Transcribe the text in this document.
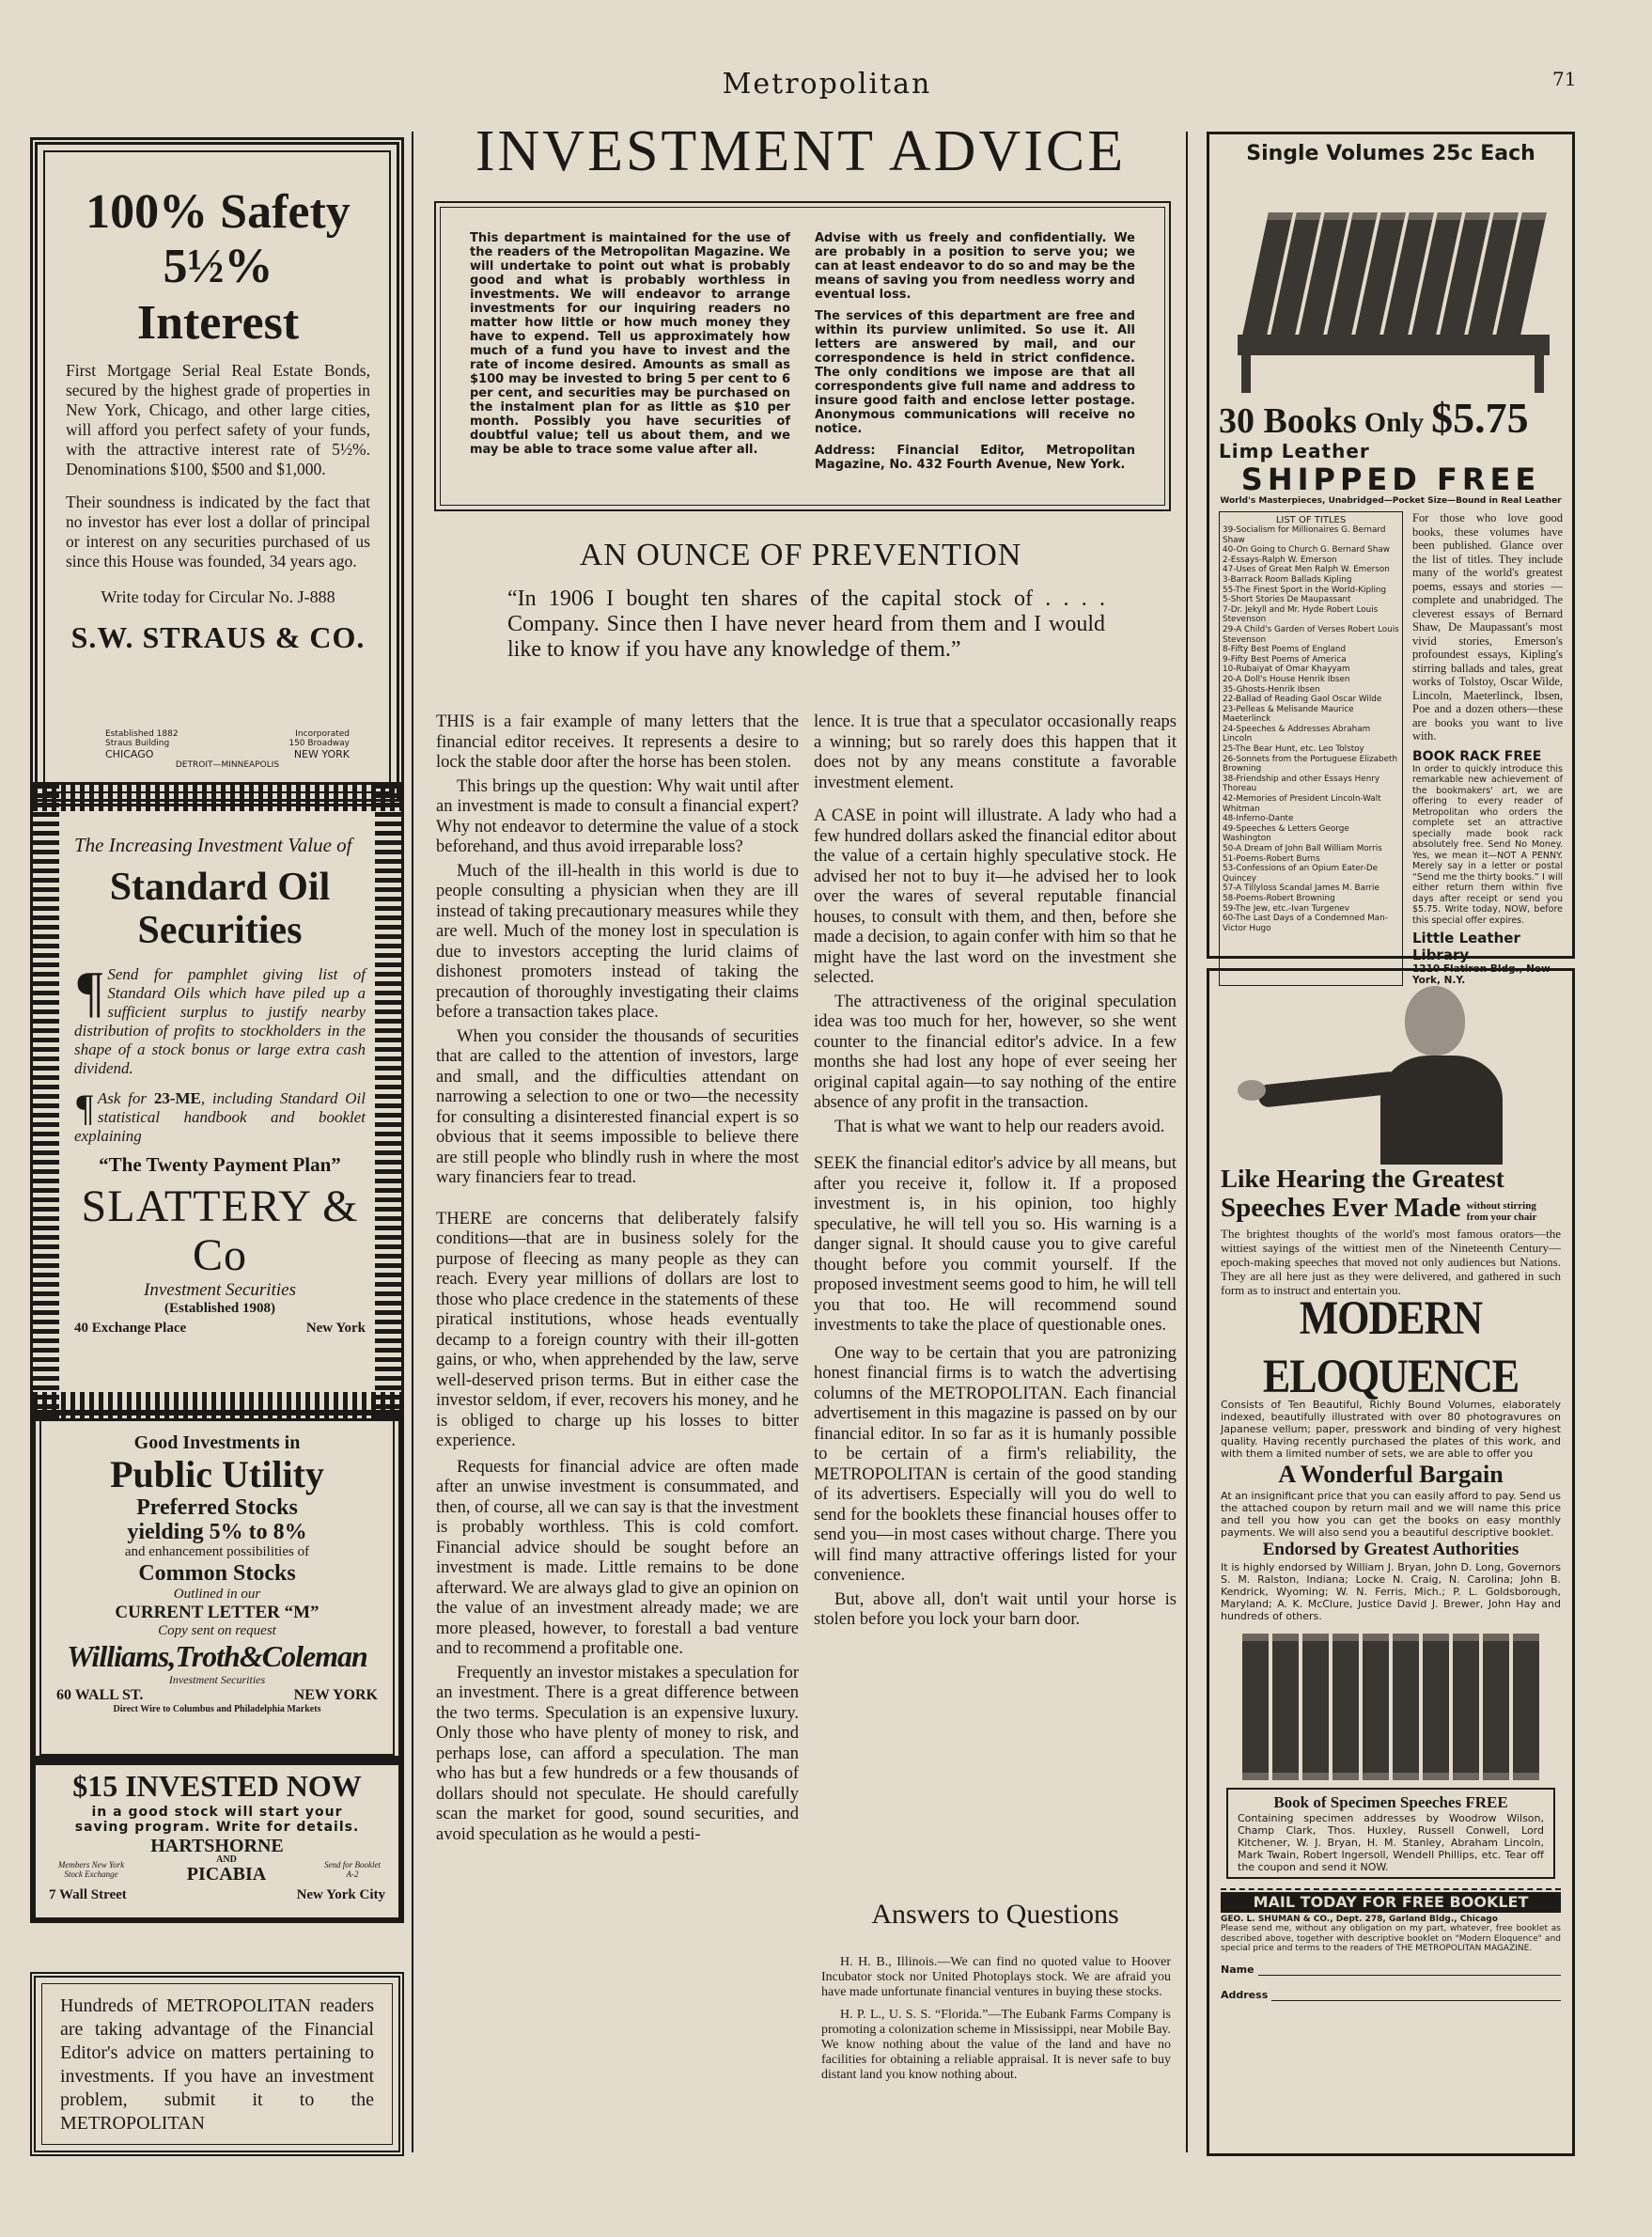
Metropolitan	71
100% Safety
5½%
Interest

First Mortgage Serial Real Estate Bonds, secured by the highest grade of properties in New York, Chicago, and other large cities, will afford you perfect safety of your funds, with the attractive interest rate of 5½%. Denominations $100, $500 and $1,000.

Their soundness is indicated by the fact that no investor has ever lost a dollar of principal or interest on any securities purchased of us since this House was founded, 34 years ago.

Write today for Circular No. J-888

S.W. STRAUS & CO.
Established 1882	Incorporated
Straus Building	150 Broadway
CHICAGO	NEW YORK
DETROIT—MINNEAPOLIS
The Increasing Investment Value of
Standard Oil
Securities

¶ Send for pamphlet giving list of Standard Oils which have piled up a sufficient surplus to justify nearby distribution of profits to stockholders in the shape of a stock bonus or large extra cash dividend.

¶ Ask for 23-ME, including Standard Oil statistical handbook and booklet explaining

“The Twenty Payment Plan”
SLATTERY & Co
Investment Securities
(Established 1908)
40 Exchange Place	New York
Good Investments in
Public Utility
Preferred Stocks
yielding 5% to 8%
and enhancement possibilities of
Common Stocks
Outlined in our
CURRENT LETTER “M”
Copy sent on request
Williams,Troth&Coleman
Investment Securities
60 WALL ST.	NEW YORK
Direct Wire to Columbus and Philadelphia Markets
$15 INVESTED NOW
in a good stock will start your saving program. Write for details.
HARTSHORNE
Members New York Stock Exchange
AND
PICABIA	Send for Booklet A-2
7 Wall Street	New York City

Hundreds of METROPOLITAN readers are taking advantage of the Financial Editor's advice on matters pertaining to investments. If you have an investment problem, submit it to the METROPOLITAN

INVESTMENT ADVICE
This department is maintained for the use of the readers of the Metropolitan Magazine. We will undertake to point out what is probably good and what is probably worthless in investments. We will endeavor to arrange investments for our inquiring readers no matter how little or how much money they have to expend. Tell us approximately how much of a fund you have to invest and the rate of income desired. Amounts as small as $100 may be invested to bring 5 per cent to 6 per cent, and securities may be purchased on the instalment plan for as little as $10 per month. Possibly you have securities of doubtful value; tell us about them, and we may be able to trace some value after all.

Advise with us freely and confidentially. We are probably in a position to serve you; we can at least endeavor to do so and may be the means of saving you from needless worry and eventual loss.

The services of this department are free and within its purview unlimited. So use it. All letters are answered by mail, and our correspondence is held in strict confidence. The only conditions we impose are that all correspondents give full name and address to insure good faith and enclose letter postage. Anonymous communications will receive no notice.

Address: Financial Editor, Metropolitan Magazine, No. 432 Fourth Avenue, New York.

AN OUNCE OF PREVENTION
“In 1906 I bought ten shares of the capital stock of . . . . Company. Since then I have never heard from them and I would like to know if you have any knowledge of them.”

THIS is a fair example of many letters that the financial editor receives. It represents a desire to lock the stable door after the horse has been stolen.

This brings up the question: Why wait until after an investment is made to consult a financial expert? Why not endeavor to determine the value of a stock beforehand, and thus avoid irreparable loss?

Much of the ill-health in this world is due to people consulting a physician when they are ill instead of taking precautionary measures while they are well. Much of the money lost in speculation is due to investors accepting the lurid claims of dishonest promoters instead of taking the precaution of thoroughly investigating their claims before a transaction takes place.

When you consider the thousands of securities that are called to the attention of investors, large and small, and the difficulties attendant on narrowing a selection to one or two—the necessity for consulting a disinterested financial expert is so obvious that it seems impossible to believe there are still people who blindly rush in where the most wary financiers fear to tread.

THERE are concerns that deliberately falsify conditions—that are in business solely for the purpose of fleecing as many people as they can reach. Every year millions of dollars are lost to those who place credence in the statements of these piratical institutions, whose heads eventually decamp to a foreign country with their ill-gotten gains, or who, when apprehended by the law, serve well-deserved prison terms. But in either case the investor seldom, if ever, recovers his money, and he is obliged to charge up his losses to bitter experience.

Requests for financial advice are often made after an unwise investment is consummated, and then, of course, all we can say is that the investment is probably worthless. This is cold comfort. Financial advice should be sought before an investment is made. Little remains to be done afterward. We are always glad to give an opinion on the value of an investment already made; we are more pleased, however, to forestall a bad venture and to recommend a profitable one.

Frequently an investor mistakes a speculation for an investment. There is a great difference between the two terms. Speculation is an expensive luxury. Only those who have plenty of money to risk, and perhaps lose, can afford a speculation. The man who has but a few hundreds or a few thousands of dollars should not speculate. He should carefully scan the market for good, sound securities, and avoid speculation as he would a pesti-

lence. It is true that a speculator occasionally reaps a winning; but so rarely does this happen that it does not by any means constitute a favorable investment element.

A CASE in point will illustrate. A lady who had a few hundred dollars asked the financial editor about the value of a certain highly speculative stock. He advised her not to buy it—he advised her to look over the wares of several reputable financial houses, to consult with them, and then, before she made a decision, to again confer with him so that he might have the last word on the investment she selected.

The attractiveness of the original speculation idea was too much for her, however, so she went counter to the financial editor's advice. In a few months she had lost any hope of ever seeing her original capital again—to say nothing of the entire absence of any profit in the transaction.

That is what we want to help our readers avoid.

SEEK the financial editor's advice by all means, but after you receive it, follow it. If a proposed investment is, in his opinion, too highly speculative, he will tell you so. His warning is a danger signal. It should cause you to give careful thought before you commit yourself. If the proposed investment seems good to him, he will tell you that too. He will recommend sound investments to take the place of questionable ones.

One way to be certain that you are patronizing honest financial firms is to watch the advertising columns of the METROPOLITAN. Each financial advertisement in this magazine is passed on by our financial editor. In so far as it is humanly possible to be certain of a firm's reliability, the METROPOLITAN is certain of the good standing of its advertisers. Especially will you do well to send for the booklets these financial houses offer to send you—in most cases without charge. There you will find many attractive offerings listed for your convenience.

But, above all, don't wait until your horse is stolen before you lock your barn door.

Answers to Questions

H. H. B., Illinois.—We can find no quoted value to Hoover Incubator stock nor United Photoplays stock. We are afraid you have made unfortunate financial ventures in buying these stocks.

H. P. L., U. S. S. “Florida.”—The Eubank Farms Company is promoting a colonization scheme in Mississippi, near Mobile Bay. We know nothing about the value of the land and have no facilities for obtaining a reliable appraisal. It is never safe to buy distant land you know nothing about.

Single Volumes 25c Each
30 Books Only $5.75
Limp Leather
SHIPPED FREE
World's Masterpieces, Unabridged—Pocket Size—Bound in Real Leather
LIST OF TITLES
39-Socialism for Millionaires G. Bernard Shaw
40-On Going to Church G. Bernard Shaw
2-Essays-Ralph W. Emerson
47-Uses of Great Men Ralph W. Emerson
3-Barrack Room Ballads Kipling
55-The Finest Sport in the World-Kipling
5-Short Stories De Maupassant
7-Dr. Jekyll and Mr. Hyde Robert Louis Stevenson
29-A Child's Garden of Verses Robert Louis Stevenson
8-Fifty Best Poems of England
9-Fifty Best Poems of America
10-Rubaiyat of Omar Khayyam
20-A Doll's House Henrik Ibsen
35-Ghosts-Henrik Ibsen
22-Ballad of Reading Gaol Oscar Wilde
23-Pelleas & Melisande Maurice Maeterlinck
24-Speeches & Addresses Abraham Lincoln
25-The Bear Hunt, etc. Leo Tolstoy
26-Sonnets from the Portuguese Elizabeth Browning
38-Friendship and other Essays Henry Thoreau
42-Memories of President Lincoln-Walt Whitman
48-Inferno-Dante
49-Speeches & Letters George Washington
50-A Dream of John Ball William Morris
51-Poems-Robert Burns
53-Confessions of an Opium Eater-De Quincey
57-A Tillyloss Scandal James M. Barrie
58-Poems-Robert Browning
59-The Jew, etc.-Ivan Turgenev
60-The Last Days of a Condemned Man-Victor Hugo

For those who love good books, these volumes have been published. Glance over the list of titles. They include many of the world's greatest poems, essays and stories — complete and unabridged. The cleverest essays of Bernard Shaw, De Maupassant's most vivid stories, Emerson's profoundest essays, Kipling's stirring ballads and tales, great works of Tolstoy, Oscar Wilde, Lincoln, Maeterlinck, Ibsen, Poe and a dozen others—these are books you want to live with.

BOOK RACK FREE

In order to quickly introduce this remarkable new achievement of the bookmakers' art, we are offering to every reader of Metropolitan who orders the complete set an attractive specially made book rack absolutely free. Send No Money. Yes, we mean it—NOT A PENNY. Merely say in a letter or postal “Send me the thirty books.” I will either return them within five days after receipt or send you $5.75. Write today, NOW, before this special offer expires.

Little Leather Library
1210 Flatiron Bldg., New York, N.Y.
Like Hearing the Greatest
Speeches Ever Made without stirring from your chair

The brightest thoughts of the world's most famous orators—the wittiest sayings of the wittiest men of the Nineteenth Century—epoch-making speeches that moved not only audiences but Nations. They are all here just as they were delivered, and gathered in such form as to instruct and entertain you.

MODERN ELOQUENCE

Consists of Ten Beautiful, Richly Bound Volumes, elaborately indexed, beautifully illustrated with over 80 photogravures on Japanese vellum; paper, presswork and binding of very highest quality. Having recently purchased the plates of this work, and with them a limited number of sets, we are able to offer you

A Wonderful Bargain

At an insignificant price that you can easily afford to pay. Send us the attached coupon by return mail and we will name this price and tell you how you can get the books on easy monthly payments. We will also send you a beautiful descriptive booklet.

Endorsed by Greatest Authorities

It is highly endorsed by William J. Bryan, John D. Long, Governors S. M. Ralston, Indiana; Locke N. Craig, N. Carolina; John B. Kendrick, Wyoming; W. N. Ferris, Mich.; P. L. Goldsborough, Maryland; A. K. McClure, Justice David J. Brewer, John Hay and hundreds of others.

Book of Specimen Speeches FREE

Containing specimen addresses by Woodrow Wilson, Champ Clark, Thos. Huxley, Russell Conwell, Lord Kitchener, W. J. Bryan, H. M. Stanley, Abraham Lincoln, Mark Twain, Robert Ingersoll, Wendell Phillips, etc. Tear off the coupon and send it NOW.

MAIL TODAY FOR FREE BOOKLET
GEO. L. SHUMAN & CO., Dept. 278, Garland Bldg., Chicago

Please send me, without any obligation on my part, whatever, free booklet as described above, together with descriptive booklet on "Modern Eloquence" and special price and terms to the readers of THE METROPOLITAN MAGAZINE.

Name
Address
